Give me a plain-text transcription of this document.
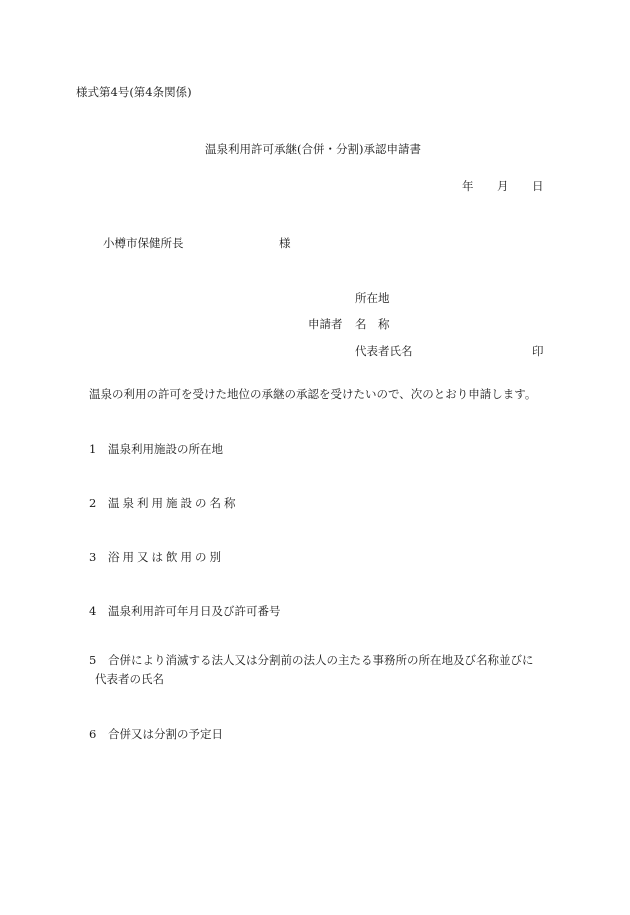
様式第4号(第4条関係)
温泉利用許可承継(合併・分割)承認申請書
年 月 日
小樽市保健所長	様
所在地
申請者 名　称
代表者氏名	印
温泉の利用の許可を受けた地位の承継の承認を受けたいので、次のとおり申請します。
1 温泉利用施設の所在地
2 温泉利用施設の名称
3 浴用又は飲用の別
4 温泉利用許可年月日及び許可番号
5 合併により消滅する法人又は分割前の法人の主たる事務所の所在地及び名称並びに
代表者の氏名
6 合併又は分割の予定日
